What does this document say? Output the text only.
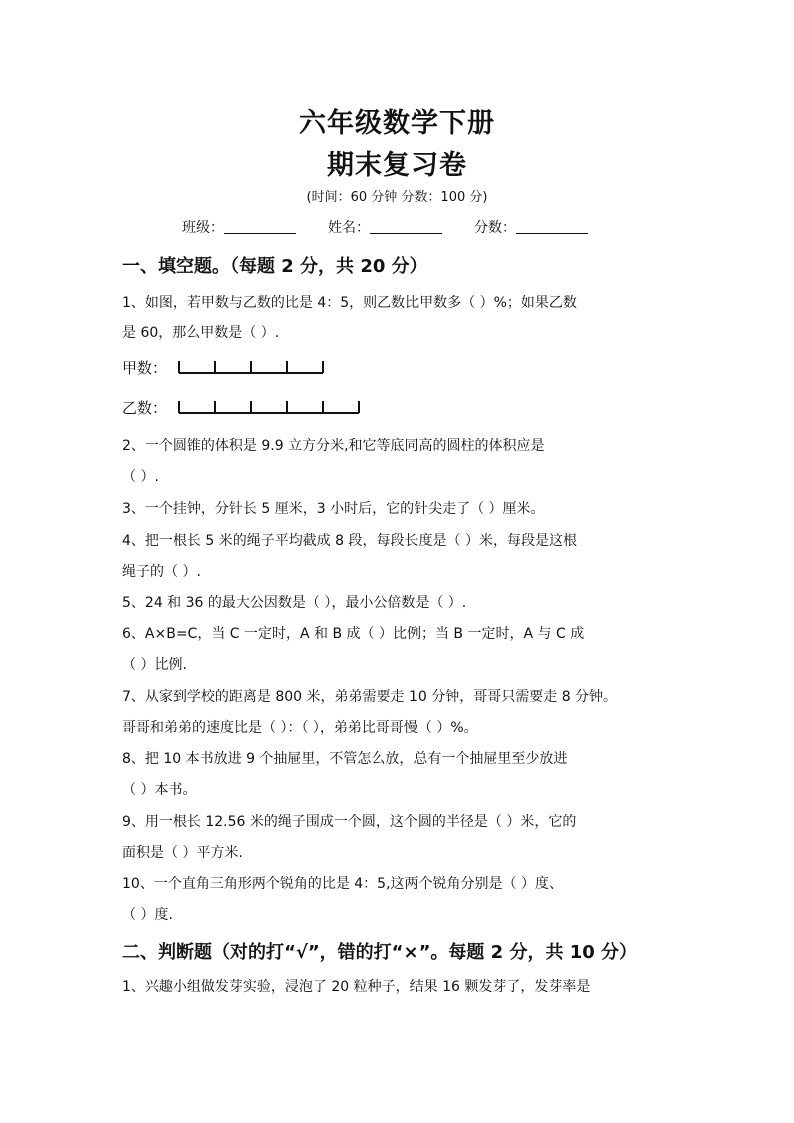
六年级数学下册
期末复习卷
(时间：60 分钟 分数：100 分)
班级：	姓名：	分数：
一、填空题。（每题 2 分，共 20 分）
1、如图，若甲数与乙数的比是 4：5，则乙数比甲数多（ ）%；如果乙数
是 60，那么甲数是（ ）.
甲数：
乙数：
2、一个圆锥的体积是 9.9 立方分米,和它等底同高的圆柱的体积应是
（ ）.
3、一个挂钟，分针长 5 厘米，3 小时后，它的针尖走了（ ）厘米。
4、把一根长 5 米的绳子平均截成 8 段，每段长度是（ ）米，每段是这根
绳子的（ ）.
5、24 和 36 的最大公因数是（ ），最小公倍数是（ ）.
6、A×B=C，当 C 一定时，A 和 B 成（ ）比例；当 B 一定时，A 与 C 成
（ ）比例.
7、从家到学校的距离是 800 米，弟弟需要走 10 分钟，哥哥只需要走 8 分钟。
哥哥和弟弟的速度比是（ ）：（ ），弟弟比哥哥慢（ ）%。
8、把 10 本书放进 9 个抽屉里，不管怎么放，总有一个抽屉里至少放进
（ ）本书。
9、用一根长 12.56 米的绳子围成一个圆，这个圆的半径是（ ）米，它的
面积是（ ）平方米.
10、一个直角三角形两个锐角的比是 4：5,这两个锐角分别是（ ）度、
（ ）度.
二、判断题（对的打“√”，错的打“×”。每题 2 分，共 10 分）
1、兴趣小组做发芽实验，浸泡了 20 粒种子，结果 16 颗发芽了，发芽率是
